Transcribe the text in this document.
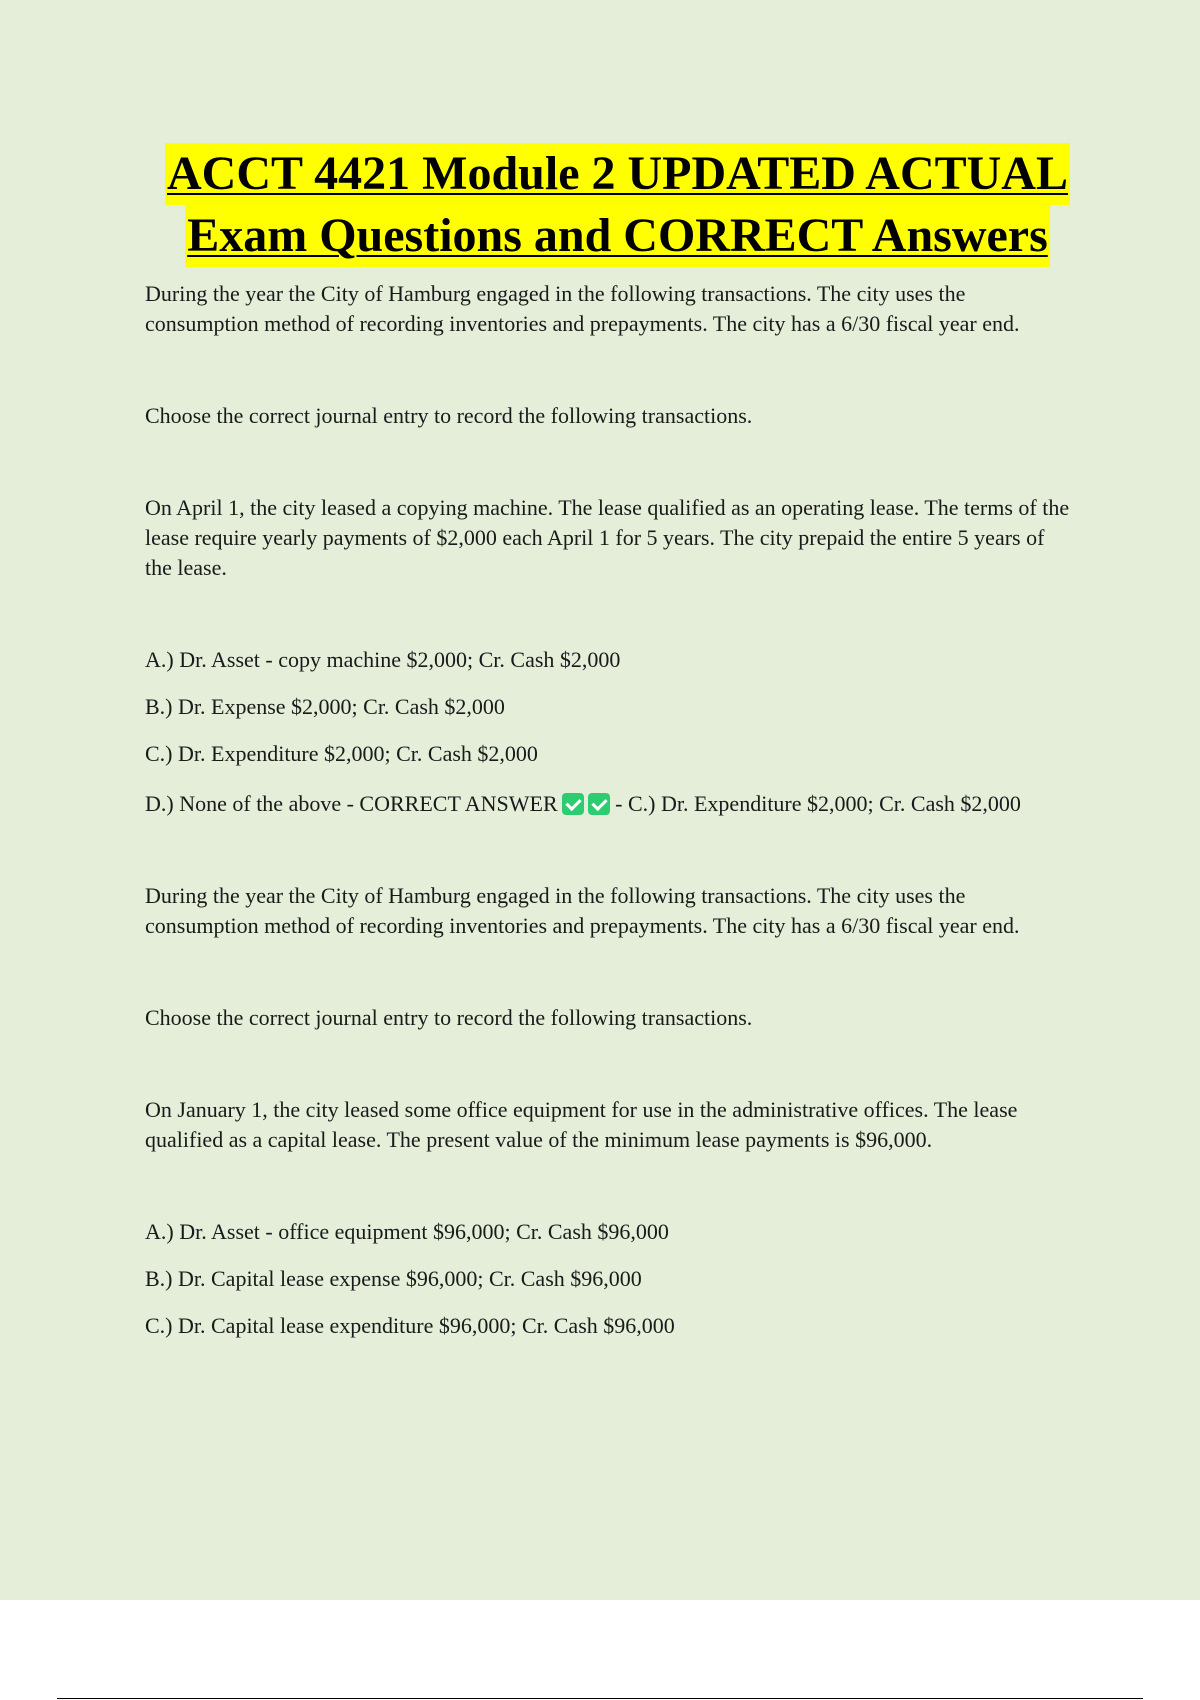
ACCT 4421 Module 2 UPDATED ACTUAL
Exam Questions and CORRECT Answers

During the year the City of Hamburg engaged in the following transactions. The city uses the consumption method of recording inventories and prepayments. The city has a 6/30 fiscal year end.

Choose the correct journal entry to record the following transactions.

On April 1, the city leased a copying machine. The lease qualified as an operating lease. The terms of the lease require yearly payments of $2,000 each April 1 for 5 years. The city prepaid the entire 5 years of the lease.

A.) Dr. Asset - copy machine $2,000; Cr. Cash $2,000

B.) Dr. Expense $2,000; Cr. Cash $2,000

C.) Dr. Expenditure $2,000; Cr. Cash $2,000

D.) None of the above - CORRECT ANSWER - C.) Dr. Expenditure $2,000; Cr. Cash $2,000

During the year the City of Hamburg engaged in the following transactions. The city uses the consumption method of recording inventories and prepayments. The city has a 6/30 fiscal year end.

Choose the correct journal entry to record the following transactions.

On January 1, the city leased some office equipment for use in the administrative offices. The lease qualified as a capital lease. The present value of the minimum lease payments is $96,000.

A.) Dr. Asset - office equipment $96,000; Cr. Cash $96,000

B.) Dr. Capital lease expense $96,000; Cr. Cash $96,000

C.) Dr. Capital lease expenditure $96,000; Cr. Cash $96,000
